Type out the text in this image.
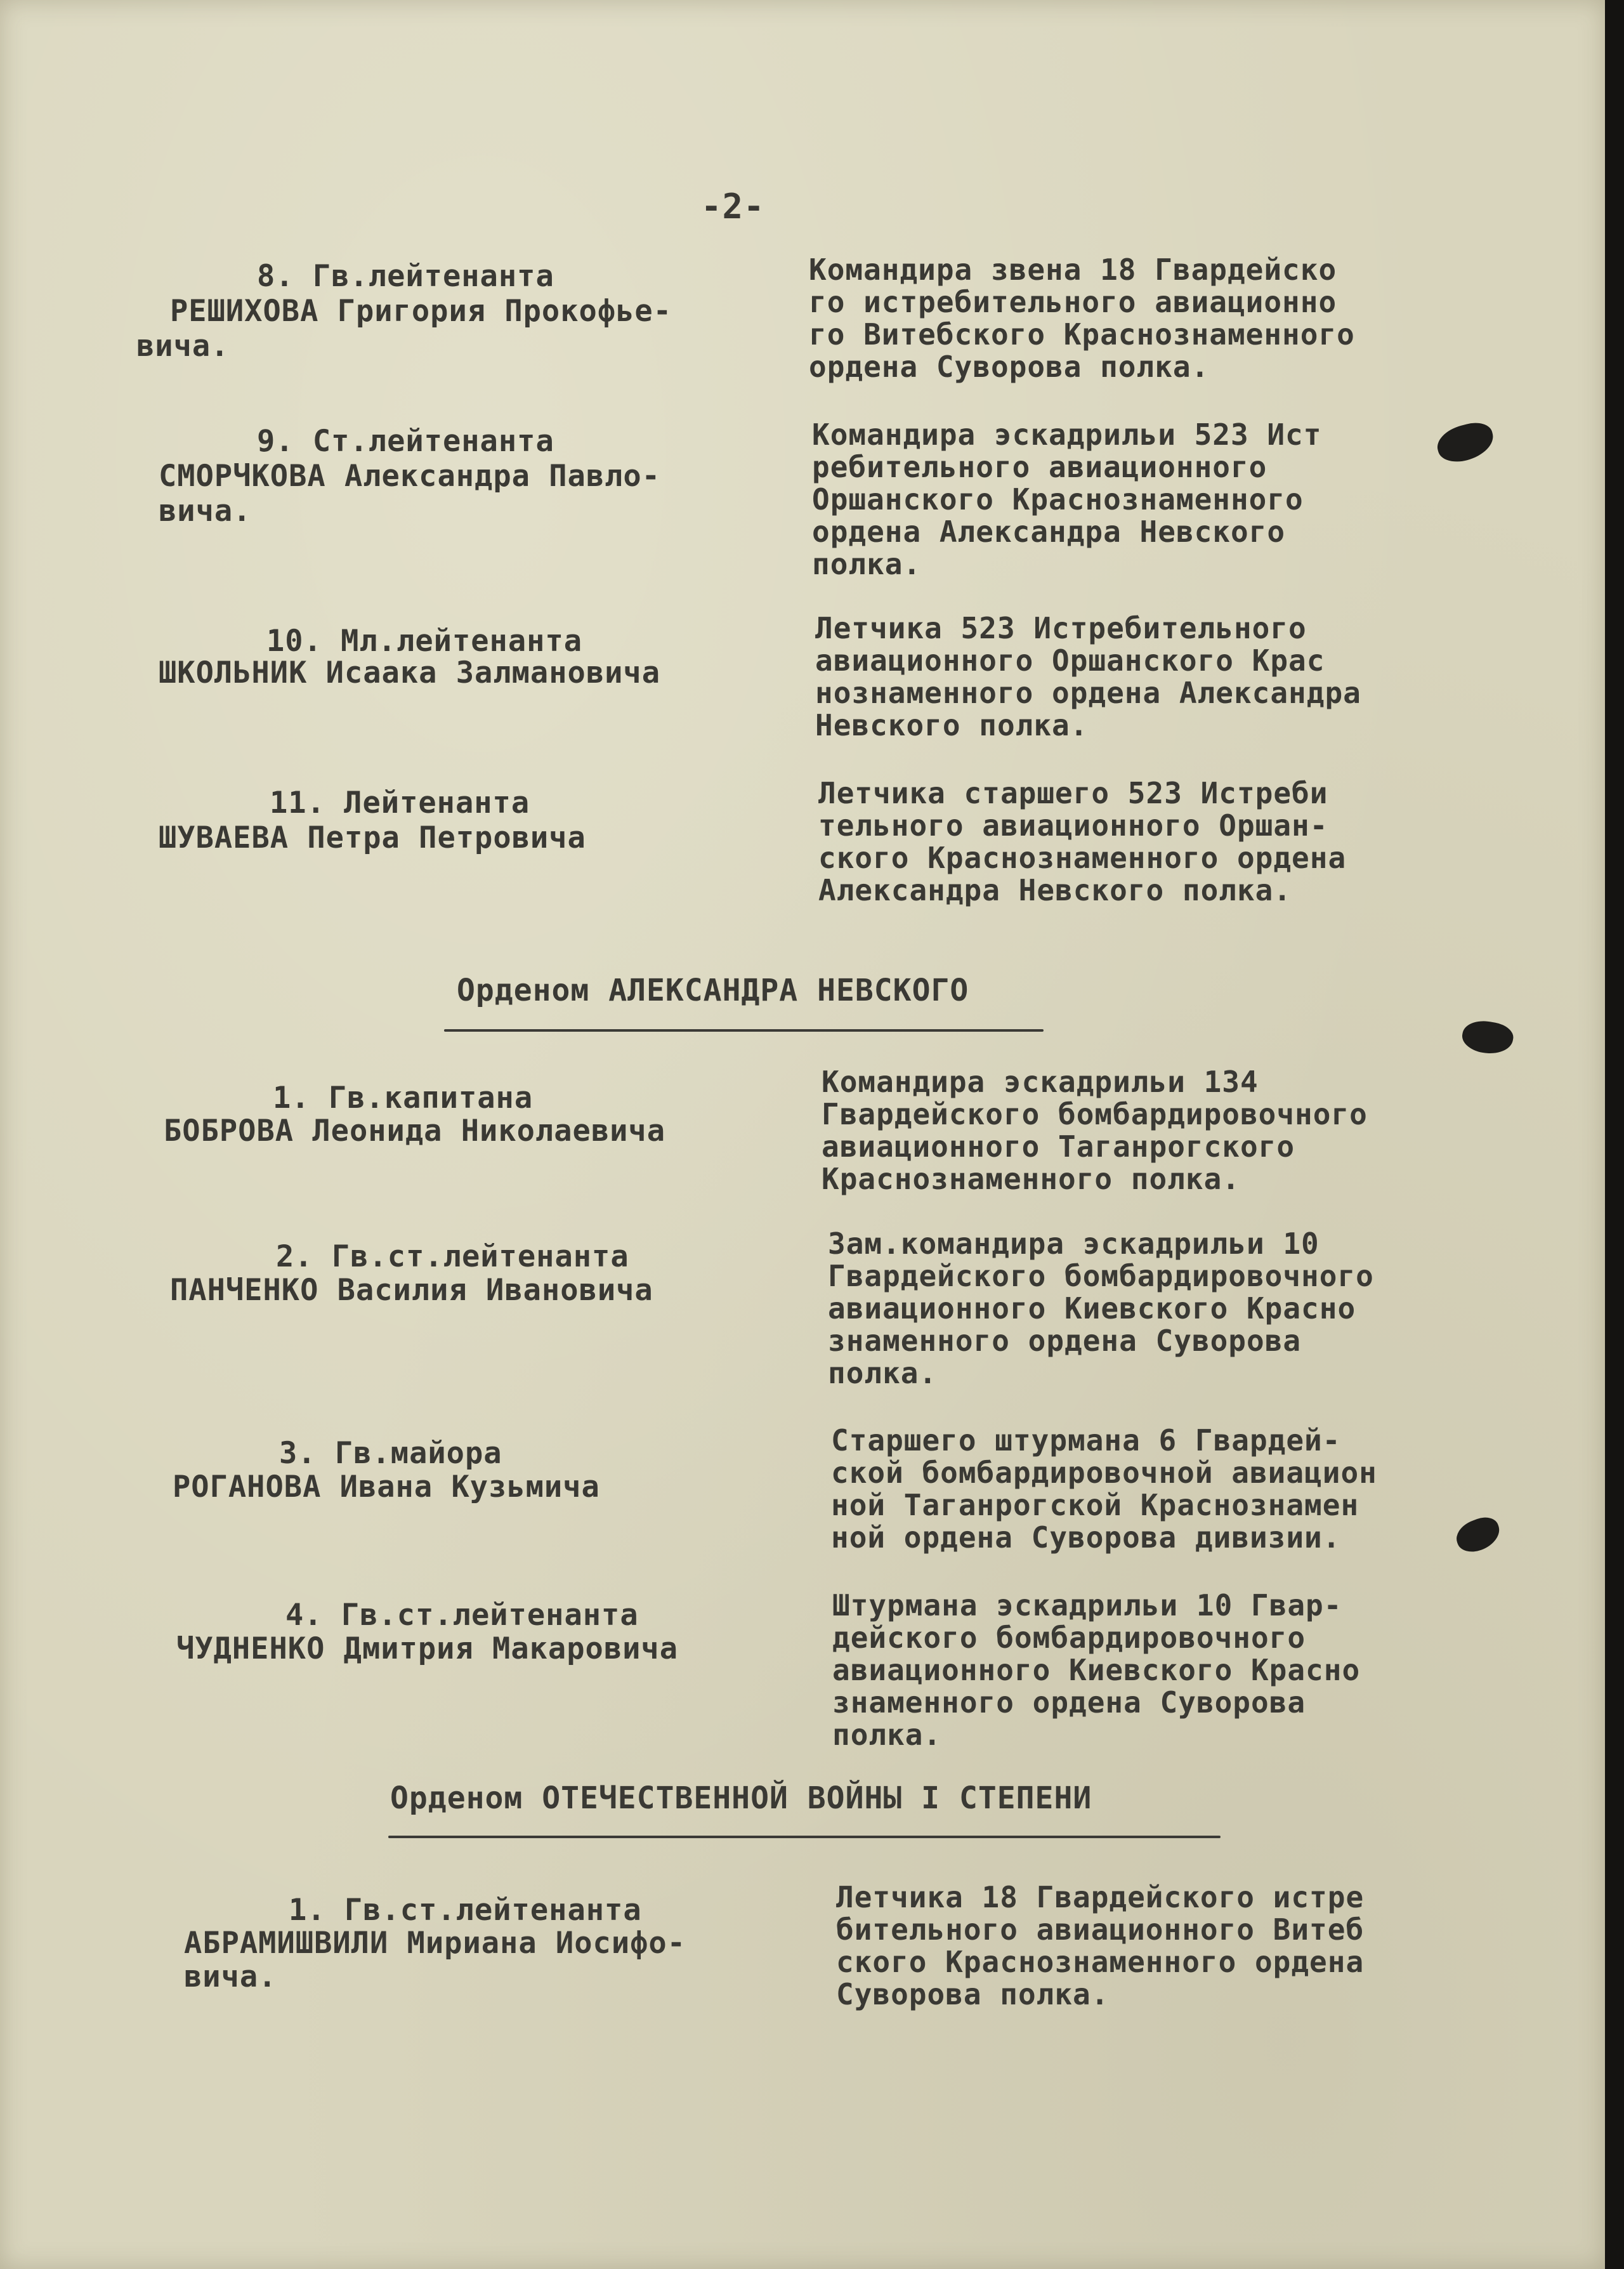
-2-
8. Гв.лейтенанта
РЕШИХОВА Григория Прокофье-
вича.
Командира звена 18 Гвардейско
го истребительного авиационно
го Витебского Краснознаменного
ордена Суворова полка.
9. Ст.лейтенанта
СМОРЧКОВА Александра Павло-
вича.
Командира эскадрильи 523 Ист
ребительного авиационного
Оршанского Краснознаменного
ордена Александра Невского
полка.
10. Мл.лейтенанта
ШКОЛЬНИК Исаака Залмановича
Летчика 523 Истребительного
авиационного Оршанского Крас
нознаменного ордена Александра
Невского полка.
11. Лейтенанта
ШУВАЕВА Петра Петровича
Летчика старшего 523 Истреби
тельного авиационного Оршан-
ского Краснознаменного ордена
Александра Невского полка.
Орденом АЛЕКСАНДРА НЕВСКОГО
1. Гв.капитана
БОБРОВА Леонида Николаевича
Командира эскадрильи 134
Гвардейского бомбардировочного
авиационного Таганрогского
Краснознаменного полка.
2. Гв.ст.лейтенанта
ПАНЧЕНКО Василия Ивановича
Зам.командира эскадрильи 10
Гвардейского бомбардировочного
авиационного Киевского Красно
знаменного ордена Суворова
полка.
3. Гв.майора
РОГАНОВА Ивана Кузьмича
Старшего штурмана 6 Гвардей-
ской бомбардировочной авиацион
ной Таганрогской Краснознамен
ной ордена Суворова дивизии.
4. Гв.ст.лейтенанта
ЧУДНЕНКО Дмитрия Макаровича
Штурмана эскадрильи 10 Гвар-
дейского бомбардировочного
авиационного Киевского Красно
знаменного ордена Суворова
полка.
Орденом ОТЕЧЕСТВЕННОЙ ВОЙНЫ I СТЕПЕНИ
1. Гв.ст.лейтенанта
АБРАМИШВИЛИ Мириана Иосифо-
вича.
Летчика 18 Гвардейского истре
бительного авиационного Витеб
ского Краснознаменного ордена
Суворова полка.
